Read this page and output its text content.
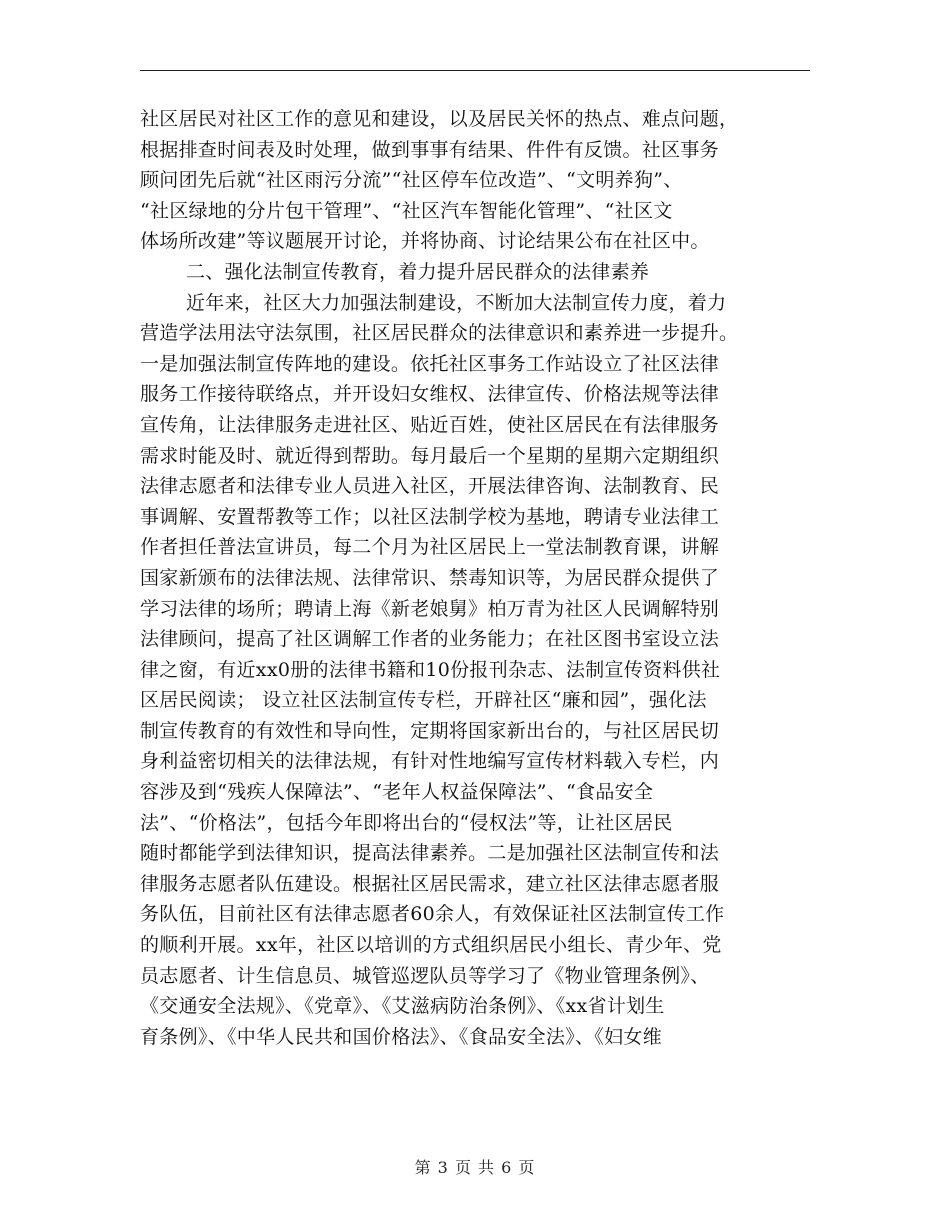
社区居民对社区工作的意见和建设，以及居民关怀的热点、难点问题，
根据排查时间表及时处理，做到事事有结果、件件有反馈。社区事务
顾问团先后就“社区雨污分流”“社区停车位改造”、“文明养狗”、
“社区绿地的分片包干管理”、“社区汽车智能化管理”、“社区文
体场所改建”等议题展开讨论，并将协商、讨论结果公布在社区中。
二、强化法制宣传教育，着力提升居民群众的法律素养
近年来，社区大力加强法制建设，不断加大法制宣传力度，着力
营造学法用法守法氛围，社区居民群众的法律意识和素养进一步提升。
一是加强法制宣传阵地的建设。依托社区事务工作站设立了社区法律
服务工作接待联络点，并开设妇女维权、法律宣传、价格法规等法律
宣传角，让法律服务走进社区、贴近百姓，使社区居民在有法律服务
需求时能及时、就近得到帮助。每月最后一个星期的星期六定期组织
法律志愿者和法律专业人员进入社区，开展法律咨询、法制教育、民
事调解、安置帮教等工作；以社区法制学校为基地，聘请专业法律工
作者担任普法宣讲员，每二个月为社区居民上一堂法制教育课，讲解
国家新颁布的法律法规、法律常识、禁毒知识等，为居民群众提供了
学习法律的场所；聘请上海《新老娘舅》柏万青为社区人民调解特别
法律顾问，提高了社区调解工作者的业务能力；在社区图书室设立法
律之窗，有近xx0册的法律书籍和10份报刊杂志、法制宣传资料供社
区居民阅读； 设立社区法制宣传专栏，开辟社区“廉和园”，强化法
制宣传教育的有效性和导向性，定期将国家新出台的，与社区居民切
身利益密切相关的法律法规，有针对性地编写宣传材料载入专栏，内
容涉及到“残疾人保障法”、“老年人权益保障法”、“食品安全
法”、“价格法”，包括今年即将出台的“侵权法”等，让社区居民
随时都能学到法律知识，提高法律素养。二是加强社区法制宣传和法
律服务志愿者队伍建设。根据社区居民需求，建立社区法律志愿者服
务队伍，目前社区有法律志愿者60余人，有效保证社区法制宣传工作
的顺利开展。xx年，社区以培训的方式组织居民小组长、青少年、党
员志愿者、计生信息员、城管巡逻队员等学习了《物业管理条例》、
《交通安全法规》、《党章》、《艾滋病防治条例》、《xx省计划生
育条例》、《中华人民共和国价格法》、《食品安全法》、《妇女维
第 3 页 共 6 页
